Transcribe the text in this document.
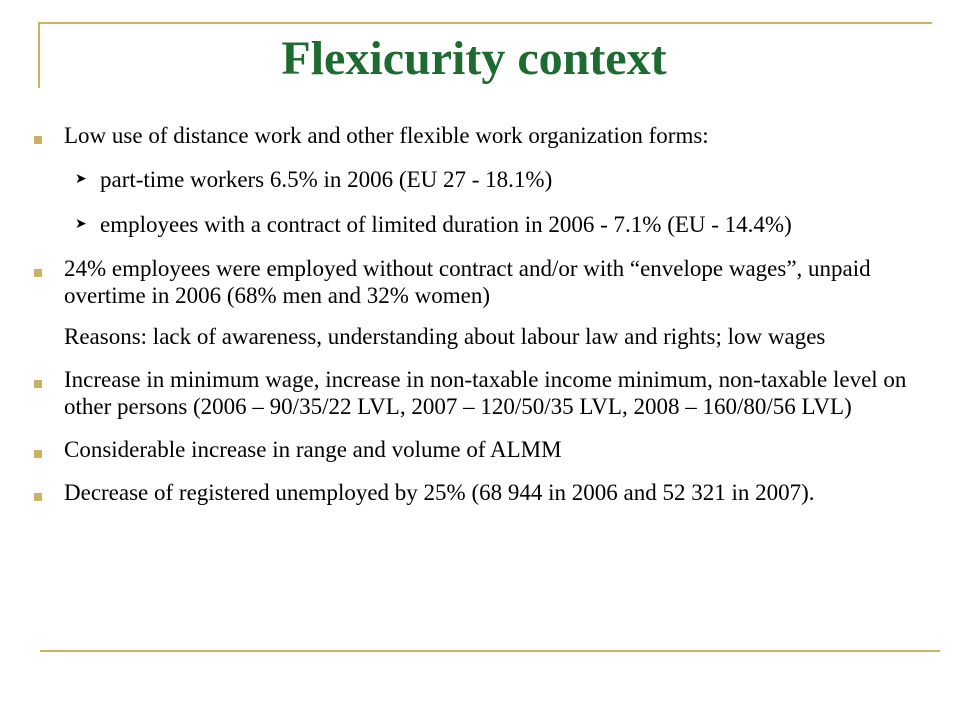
Flexicurity context
Low use of distance work and other flexible work organization forms:
➤ part-time workers 6.5% in 2006 (EU 27 - 18.1%)
➤ employees with a contract of limited duration in 2006 - 7.1% (EU - 14.4%)
24% employees were employed without contract and/or with “envelope wages”, unpaid overtime in 2006 (68% men and 32% women)
Reasons: lack of awareness, understanding about labour law and rights; low wages
Increase in minimum wage, increase in non-taxable income minimum, non-taxable level on other persons (2006 – 90/35/22 LVL, 2007 – 120/50/35 LVL, 2008 – 160/80/56 LVL)
Considerable increase in range and volume of ALMM
Decrease of registered unemployed by 25% (68 944 in 2006 and 52 321 in 2007).
